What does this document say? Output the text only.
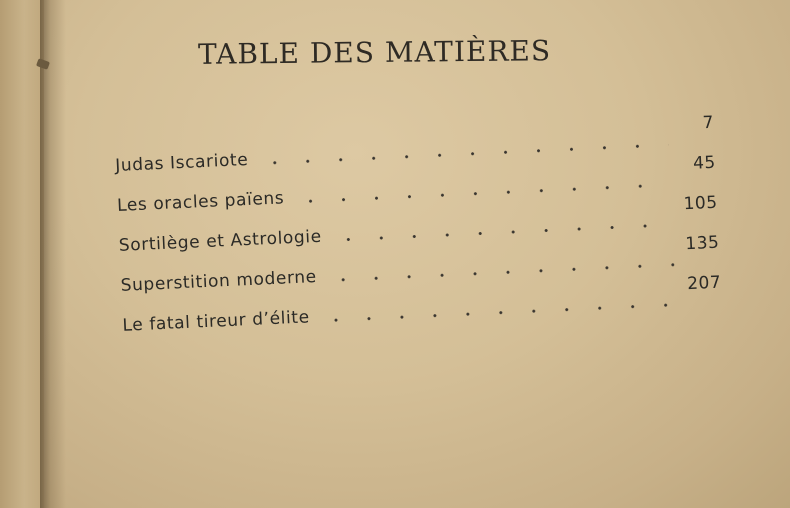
TABLE DES MATIÈRES
Judas Iscariote
7
Les oracles païens
45
Sortilège et Astrologie
105
Superstition moderne
135
Le fatal tireur d’élite
207
